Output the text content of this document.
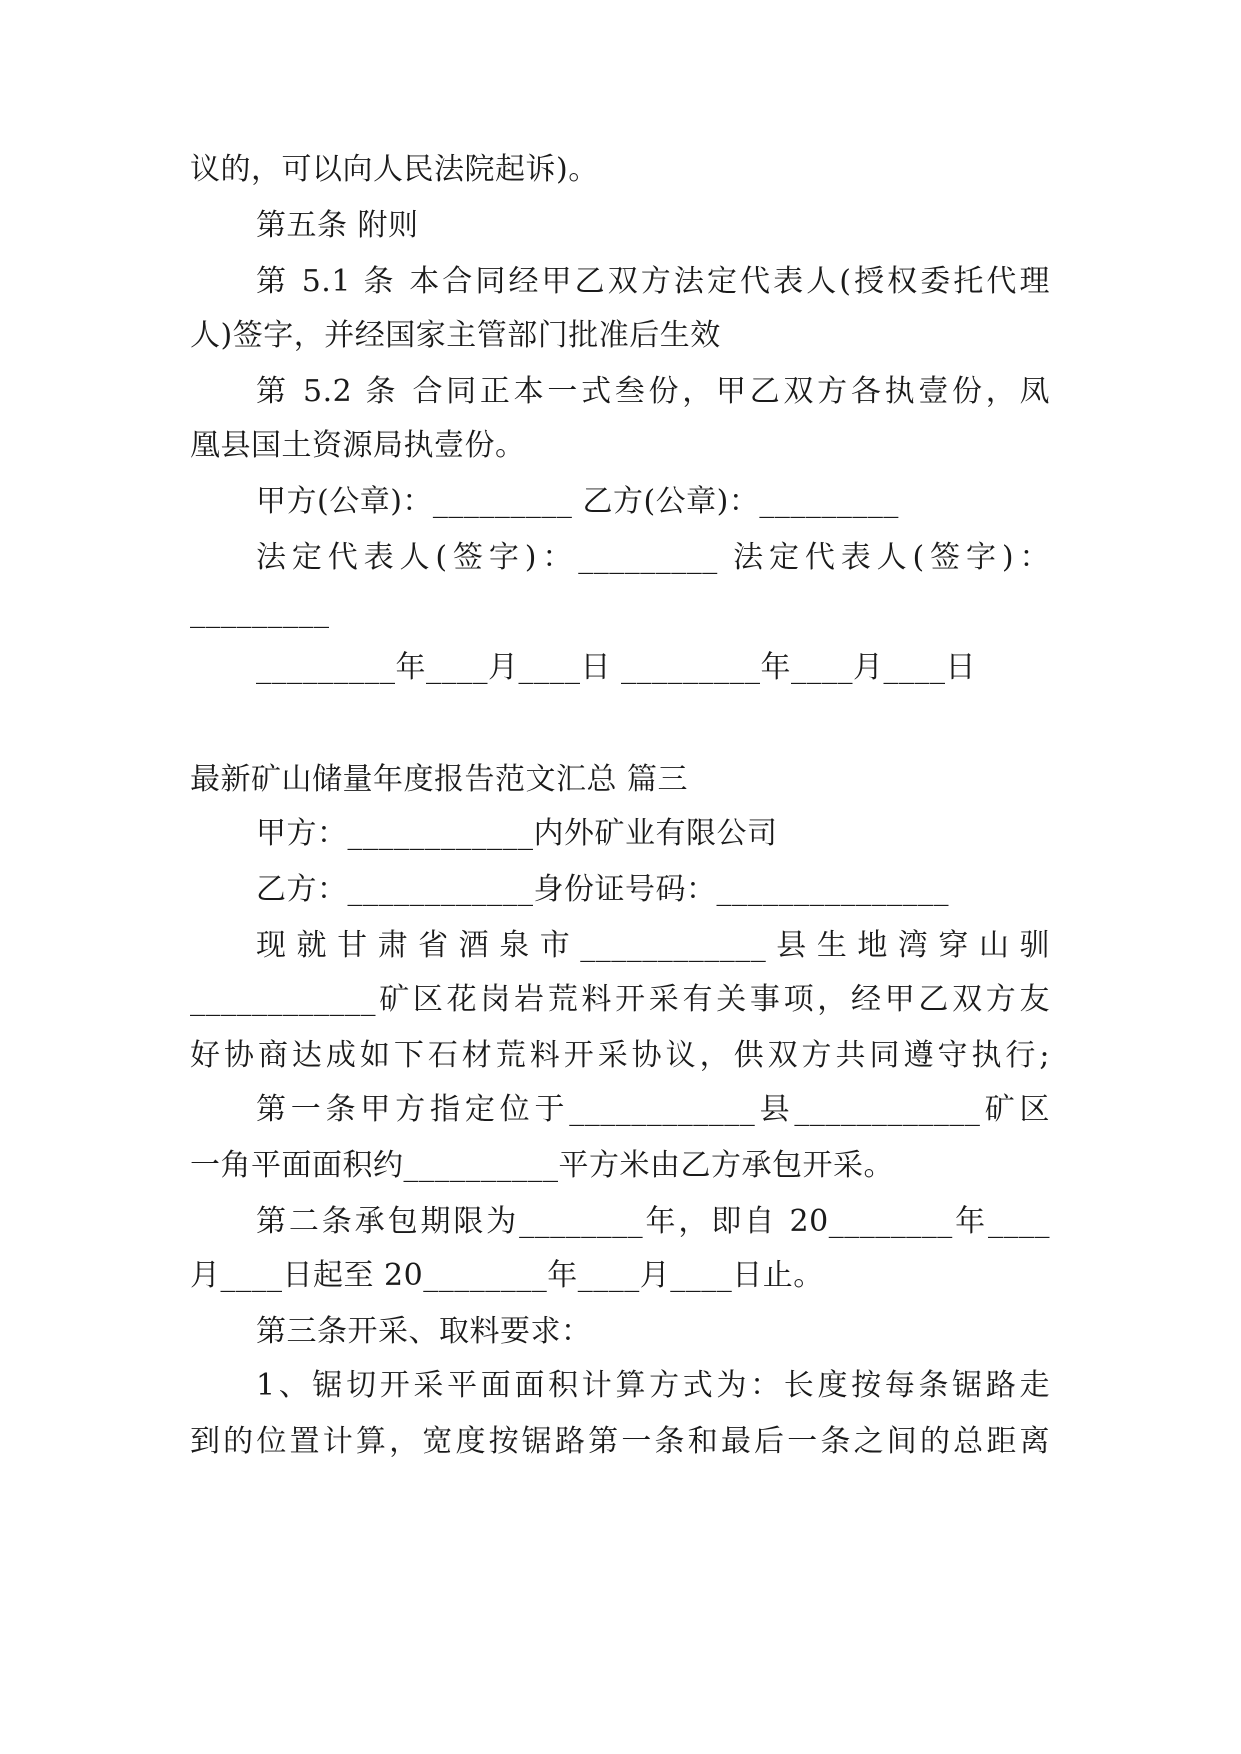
议的，可以向人民法院起诉)。
第五条 附则
第 5.1 条 本合同经甲乙双方法定代表人(授权委托代理
人)签字，并经国家主管部门批准后生效
第 5.2 条 合同正本一式叁份，甲乙双方各执壹份，凤
凰县国土资源局执壹份。
甲方(公章)：_________ 乙方(公章)：_________
法定代表人(签字)：_________ 法定代表人(签字)：
_________
_________年____月____日 _________年____月____日
最新矿山储量年度报告范文汇总 篇三
甲方：____________内外矿业有限公司
乙方：____________身份证号码：_______________
现就甘肃省酒泉市____________县生地湾穿山驯
____________矿区花岗岩荒料开采有关事项，经甲乙双方友
好协商达成如下石材荒料开采协议，供双方共同遵守执行;
第一条甲方指定位于____________县____________矿区
一角平面面积约__________平方米由乙方承包开采。
第二条承包期限为________年，即自 20________年____
月____日起至 20________年____月____日止。
第三条开采、取料要求：
1、锯切开采平面面积计算方式为：长度按每条锯路走
到的位置计算，宽度按锯路第一条和最后一条之间的总距离
